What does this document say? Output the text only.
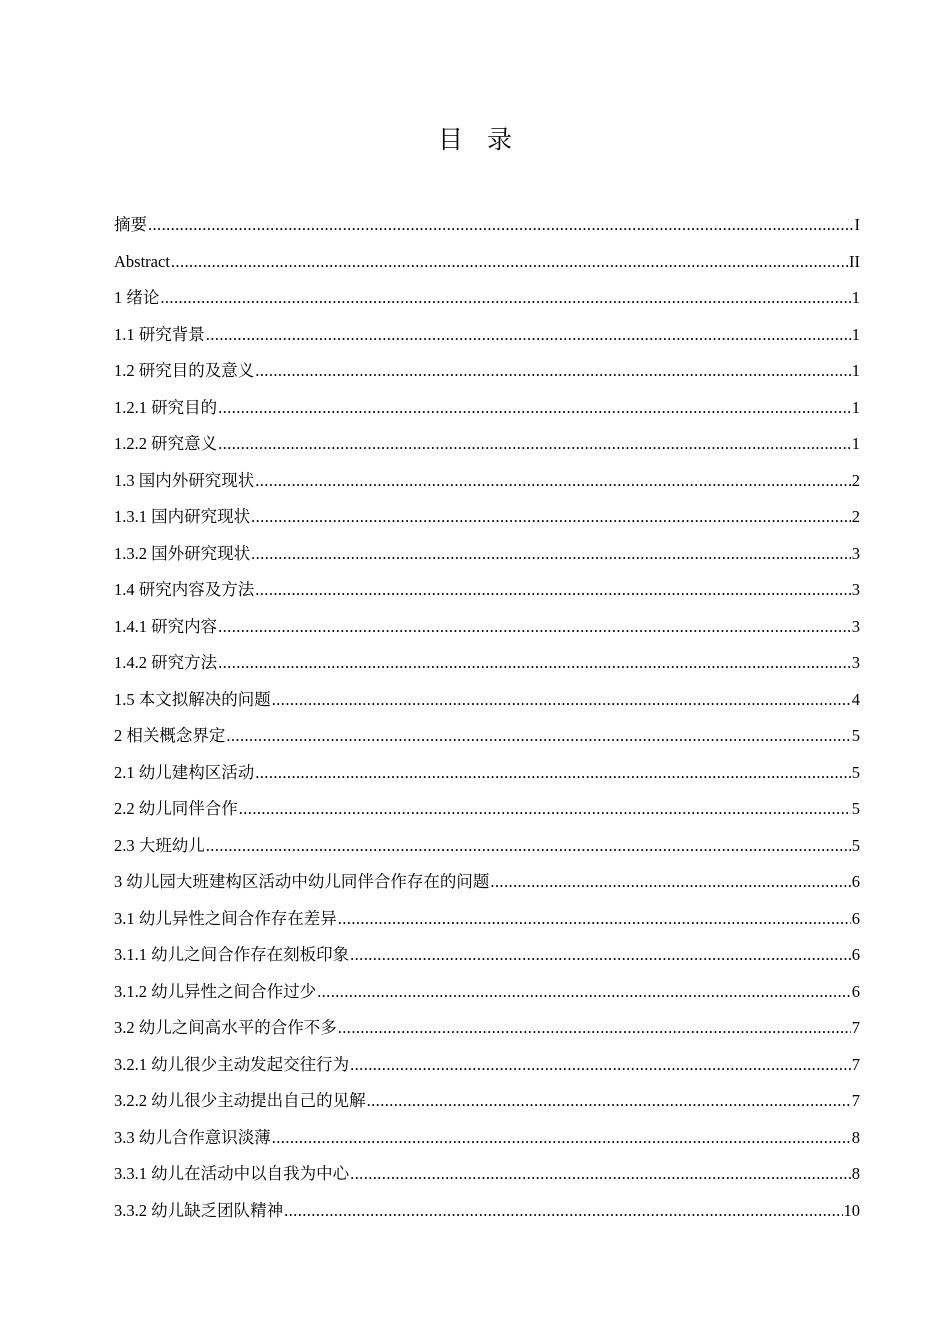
目录
摘要 .....	I
Abstract .....	II
1 绪论 .....	1
1.1 研究背景 .....	1
1.2 研究目的及意义 .....	1
1.2.1 研究目的 .....	1
1.2.2 研究意义 .....	1
1.3 国内外研究现状 .....	2
1.3.1 国内研究现状 .....	2
1.3.2 国外研究现状 .....	3
1.4 研究内容及方法 .....	3
1.4.1 研究内容 .....	3
1.4.2 研究方法 .....	3
1.5 本文拟解决的问题 .....	4
2 相关概念界定 .....	5
2.1 幼儿建构区活动 .....	5
2.2 幼儿同伴合作 .....	5
2.3 大班幼儿 .....	5
3 幼儿园大班建构区活动中幼儿同伴合作存在的问题 .....	6
3.1 幼儿异性之间合作存在差异 .....	6
3.1.1 幼儿之间合作存在刻板印象 .....	6
3.1.2 幼儿异性之间合作过少 .....	6
3.2 幼儿之间高水平的合作不多 .....	7
3.2.1 幼儿很少主动发起交往行为 .....	7
3.2.2 幼儿很少主动提出自己的见解 .....	7
3.3 幼儿合作意识淡薄 .....	8
3.3.1 幼儿在活动中以自我为中心 .....	8
3.3.2 幼儿缺乏团队精神 .....	10
